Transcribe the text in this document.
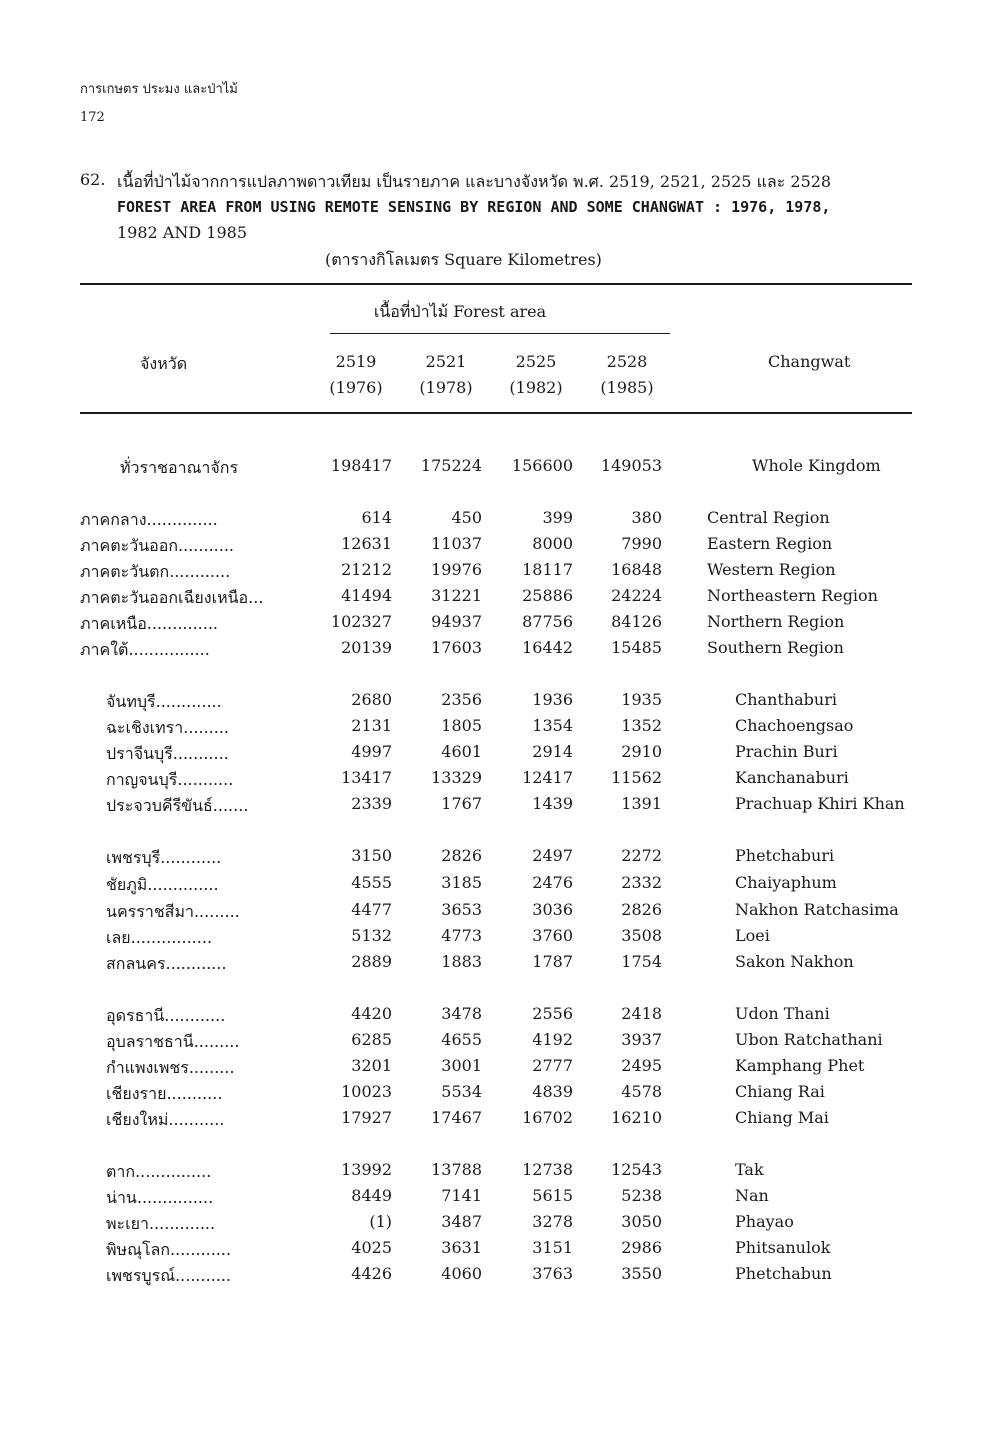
การเกษตร ประมง และป่าไม้
172
62. เนื้อที่ป่าไม้จากการแปลภาพดาวเทียม เป็นรายภาค และบางจังหวัด พ.ศ. 2519, 2521, 2525 และ 2528
FOREST AREA FROM USING REMOTE SENSING BY REGION AND SOME CHANGWAT : 1976, 1978,
1982 AND 1985
(ตารางกิโลเมตร Square Kilometres)
เนื้อที่ป่าไม้ Forest area
จังหวัด	Changwat
2519
(1976)
2521
(1978)
2525
(1982)
2528
(1985)
ทั่วราชอาณาจักร	198417	175224	156600	149053	Whole Kingdom
ภาคกลาง..............	614	450	399	380	Central Region
ภาคตะวันออก...........	12631	11037	8000	7990	Eastern Region
ภาคตะวันตก............	21212	19976	18117	16848	Western Region
ภาคตะวันออกเฉียงเหนือ...	41494	31221	25886	24224	Northeastern Region
ภาคเหนือ..............	102327	94937	87756	84126	Northern Region
ภาคใต้................	20139	17603	16442	15485	Southern Region
จันทบุรี.............	2680	2356	1936	1935	Chanthaburi
ฉะเชิงเทรา.........	2131	1805	1354	1352	Chachoengsao
ปราจีนบุรี...........	4997	4601	2914	2910	Prachin Buri
กาญจนบุรี...........	13417	13329	12417	11562	Kanchanaburi
ประจวบคีรีขันธ์.......	2339	1767	1439	1391	Prachuap Khiri Khan
เพชรบุรี............	3150	2826	2497	2272	Phetchaburi
ชัยภูมิ..............	4555	3185	2476	2332	Chaiyaphum
นครราชสีมา.........	4477	3653	3036	2826	Nakhon Ratchasima
เลย................	5132	4773	3760	3508	Loei
สกลนคร............	2889	1883	1787	1754	Sakon Nakhon
อุดรธานี............	4420	3478	2556	2418	Udon Thani
อุบลราชธานี.........	6285	4655	4192	3937	Ubon Ratchathani
กำแพงเพชร.........	3201	3001	2777	2495	Kamphang Phet
เชียงราย...........	10023	5534	4839	4578	Chiang Rai
เชียงใหม่...........	17927	17467	16702	16210	Chiang Mai
ตาก...............	13992	13788	12738	12543	Tak
น่าน...............	8449	7141	5615	5238	Nan
พะเยา.............	(1)	3487	3278	3050	Phayao
พิษณุโลก............	4025	3631	3151	2986	Phitsanulok
เพชรบูรณ์...........	4426	4060	3763	3550	Phetchabun
